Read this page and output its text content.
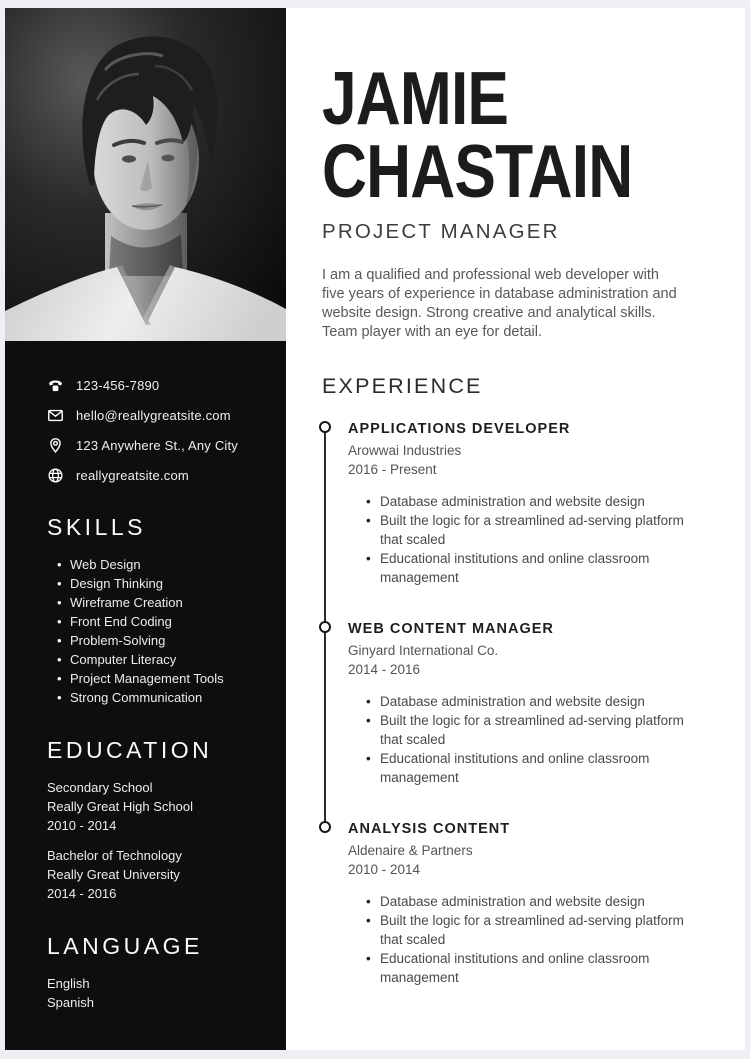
123-456-7890
hello@reallygreatsite.com
123 Anywhere St., Any City
reallygreatsite.com
SKILLS
• Web Design
• Design Thinking
• Wireframe Creation
• Front End Coding
• Problem-Solving
• Computer Literacy
• Project Management Tools
• Strong Communication
EDUCATION
Secondary School
Really Great High School
2010 - 2014
Bachelor of Technology
Really Great University
2014 - 2016
LANGUAGE
English
Spanish
JAMIE
CHASTAIN
PROJECT MANAGER

I am a qualified and professional web developer with five years of experience in database administration and website design. Strong creative and analytical skills. Team player with an eye for detail.

EXPERIENCE
APPLICATIONS DEVELOPER
Arowwai Industries
2016 - Present
• Database administration and website design
• Built the logic for a streamlined ad-serving platform that scaled
• Educational institutions and online classroom management
WEB CONTENT MANAGER
Ginyard International Co.
2014 - 2016
• Database administration and website design
• Built the logic for a streamlined ad-serving platform that scaled
• Educational institutions and online classroom management
ANALYSIS CONTENT
Aldenaire & Partners
2010 - 2014
• Database administration and website design
• Built the logic for a streamlined ad-serving platform that scaled
• Educational institutions and online classroom management
